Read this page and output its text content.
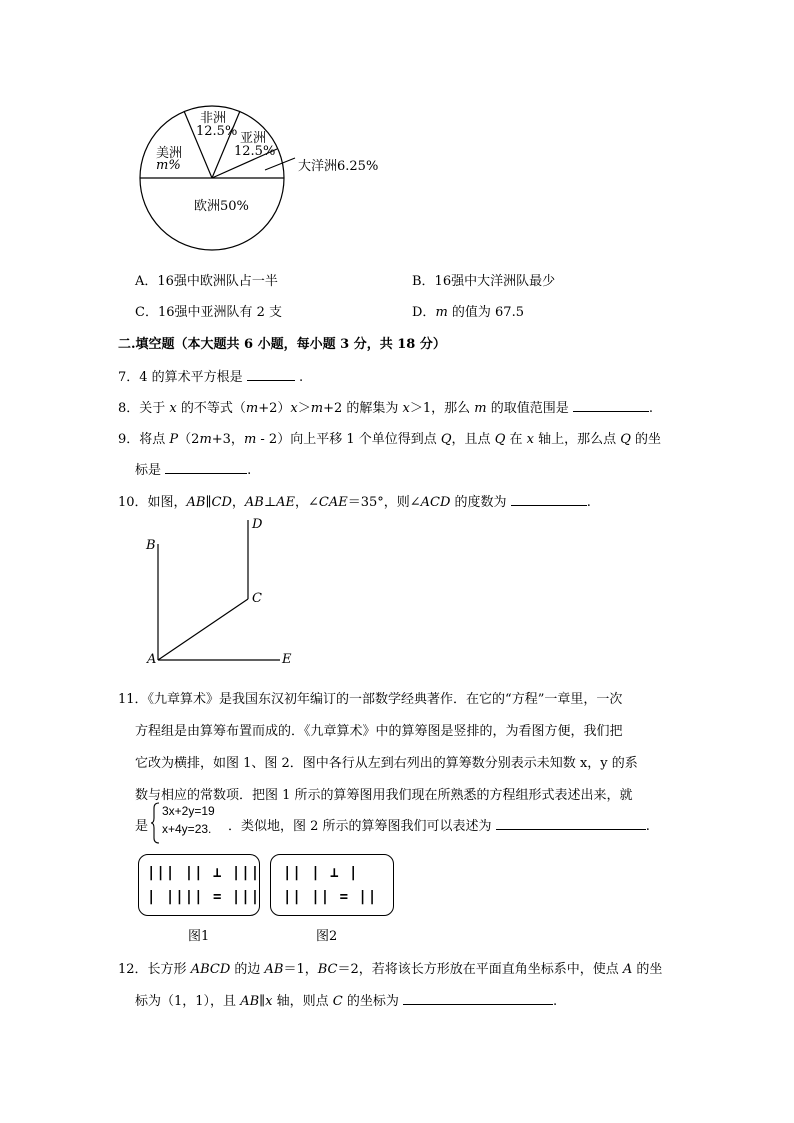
非洲
12.5% 亚洲
12.5%
美洲
m%	大洋洲6.25%
欧洲50%
A．16强中欧洲队占一半	B．16强中大洋洲队最少
C．16强中亚洲队有 2 支	D．m 的值为 67.5
二.填空题（本大题共 6 小题，每小题 3 分，共 18 分）
7．4 的算术平方根是	.
8．关于 x 的不等式（m+2）x＞m+2 的解集为 x＞1，那么 m 的取值范围是	.
9．将点 P（2m+3，m - 2）向上平移 1 个单位得到点 Q，且点 Q 在 x 轴上，那么点 Q 的坐
标是	.
10．如图，AB∥CD，AB⊥AE，∠CAE＝35°，则∠ACD 的度数为	.
B
A
D
C
E
11．《九章算术》是我国东汉初年编订的一部数学经典著作．在它的“方程”一章里，一次
方程组是由算筹布置而成的．《九章算术》中的算筹图是竖排的，为看图方便，我们把
它改为横排，如图 1、图 2．图中各行从左到右列出的算筹数分别表示未知数 x，y 的系
数与相应的常数项．把图 1 所示的算筹图用我们现在所熟悉的方程组形式表述出来，就
是
3x+2y=19
x+4y=23. ．类似地，图 2 所示的算筹图我们可以表述为	.
||| || ⊥ |||
| |||| = |||
|| | ⊥ |
|| || = ||
图1	图2
12．长方形 ABCD 的边 AB＝1，BC＝2，若将该长方形放在平面直角坐标系中，使点 A 的坐
标为（1，1），且 AB∥x 轴，则点 C 的坐标为	.
